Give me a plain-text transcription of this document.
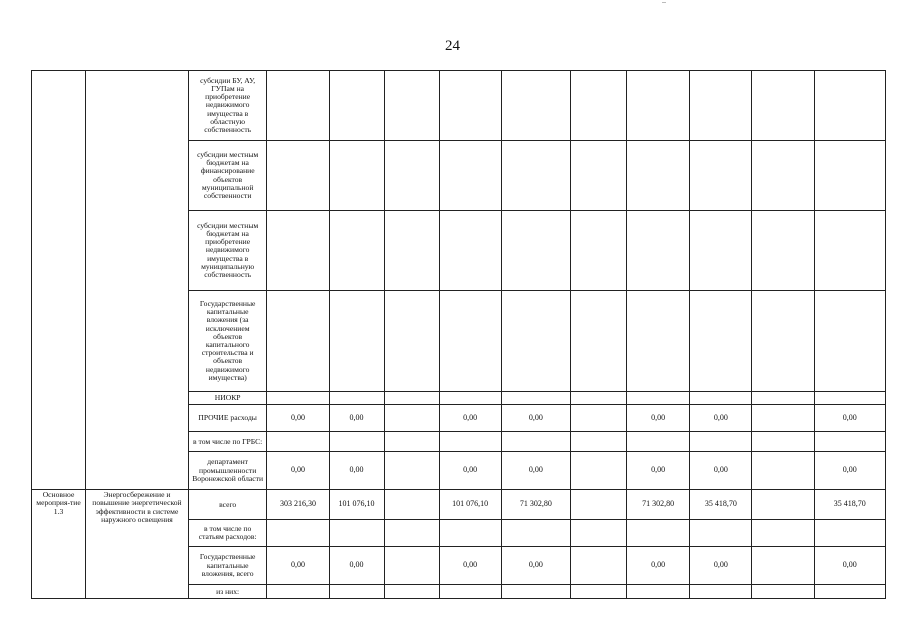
24
		субсидии БУ, АУ, ГУПам на приобретение недвижимого имущества в областную собственность										
		субсидии местным бюджетам на финансирование объектов муниципальной собственности										
		субсидии местным бюджетам на приобретение недвижимого имущества в муниципальную собственность										
		Государственные капитальные вложения (за исключением объектов капитального строительства и объектов недвижимого имущества)										
		НИОКР										
		ПРОЧИЕ расходы	0,00	0,00		0,00	0,00		0,00	0,00		0,00
		в том числе по ГРБС:										
		департамент промышленности Воронежской области	0,00	0,00		0,00	0,00		0,00	0,00		0,00
Основное мероприя-тие 1.3	Энергосбережение и повышение энергетической эффективности в системе наружного освещения	всего	303 216,30	101 076,10		101 076,10	71 302,80		71 302,80	35 418,70		35 418,70
		в том числе по статьям расходов:										
		Государственные капитальные вложения, всего	0,00	0,00		0,00	0,00		0,00	0,00		0,00
		из них:										
